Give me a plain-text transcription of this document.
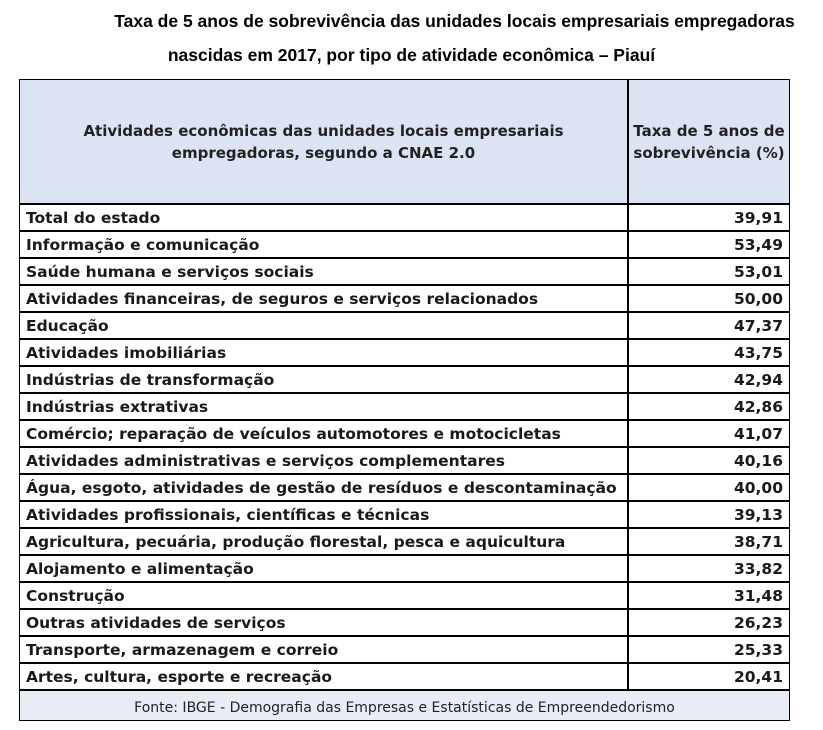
Taxa de 5 anos de sobrevivência das unidades locais empresariais empregadoras
nascidas em 2017, por tipo de atividade econômica – Piauí
Atividades econômicas das unidades locais empresariais empregadoras, segundo a CNAE 2.0	Taxa de 5 anos de sobrevivência (%)
Total do estado	39,91
Informação e comunicação	53,49
Saúde humana e serviços sociais	53,01
Atividades financeiras, de seguros e serviços relacionados	50,00
Educação	47,37
Atividades imobiliárias	43,75
Indústrias de transformação	42,94
Indústrias extrativas	42,86
Comércio; reparação de veículos automotores e motocicletas	41,07
Atividades administrativas e serviços complementares	40,16
Água, esgoto, atividades de gestão de resíduos e descontaminação	40,00
Atividades profissionais, científicas e técnicas	39,13
Agricultura, pecuária, produção florestal, pesca e aquicultura	38,71
Alojamento e alimentação	33,82
Construção	31,48
Outras atividades de serviços	26,23
Transporte, armazenagem e correio	25,33
Artes, cultura, esporte e recreação	20,41
Fonte: IBGE - Demografia das Empresas e Estatísticas de Empreendedorismo
